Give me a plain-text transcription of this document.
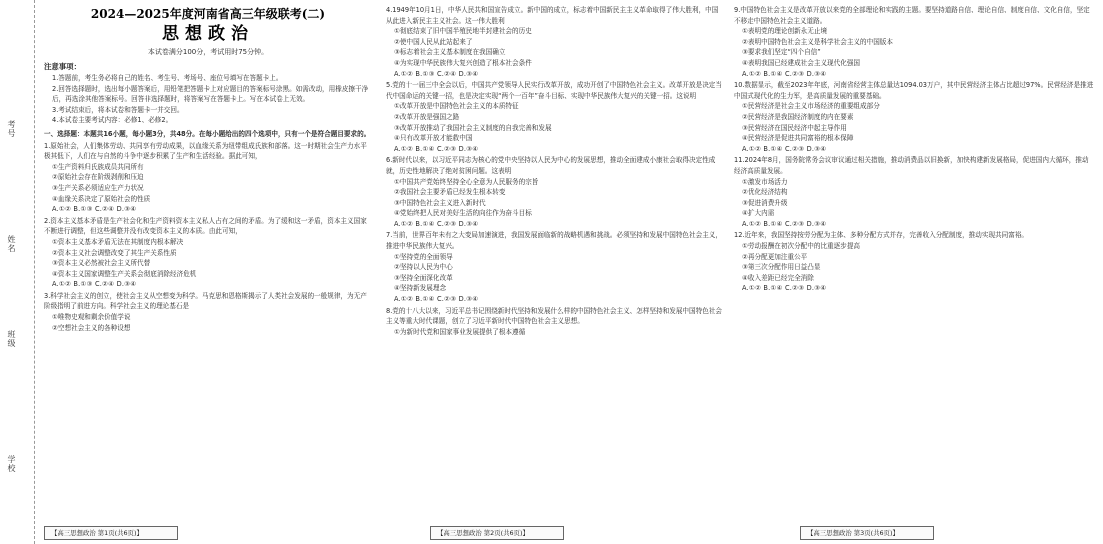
考号
姓名
班级
学校
2024—2025年度河南省高三年级联考(二)
思想政治
本试卷满分100分，考试用时75分钟。
注意事项：
1.答题前，考生务必将自己的姓名、考生号、考场号、座位号填写在答题卡上。
2.回答选择题时，选出每小题答案后，用铅笔把答题卡上对应题目的答案标号涂黑。如需改动，用橡皮擦干净后，再选涂其他答案标号。回答非选择题时，将答案写在答题卡上。写在本试卷上无效。
3.考试结束后，将本试卷和答题卡一并交回。
4.本试卷主要考试内容：必修1、必修2。
一、选择题：本题共16小题，每小题3分，共48分。在每小题给出的四个选项中，只有一个是符合题目要求的。
1.原始社会，人们集体劳动、共同享有劳动成果，以血缘关系为纽带组成氏族和部落。这一时期社会生产力水平极其低下，人们在与自然的斗争中逐步积累了生产和生活经验。据此可知，
①生产资料归氏族成员共同所有
②原始社会存在阶级剥削和压迫
③生产关系必须适应生产力状况
④血缘关系决定了原始社会的性质
A.①② B.①③ C.②④ D.③④
2.资本主义基本矛盾是生产社会化和生产资料资本主义私人占有之间的矛盾。为了缓和这一矛盾，资本主义国家不断进行调整，但这些调整并没有改变资本主义的本质。由此可知，
①资本主义基本矛盾无法在其制度内根本解决
②资本主义社会调整改变了其生产关系性质
③资本主义必然被社会主义所代替
④资本主义国家调整生产关系会彻底消除经济危机
A.①② B.①③ C.②④ D.③④
3.科学社会主义的创立，使社会主义从空想变为科学。马克思和恩格斯揭示了人类社会发展的一般规律，为无产阶级指明了前进方向。科学社会主义的理论基石是
①唯物史观和剩余价值学说
②空想社会主义的各种设想
4.1949年10月1日，中华人民共和国宣告成立。新中国的成立，标志着中国新民主主义革命取得了伟大胜利，中国从此进入新民主主义社会。这一伟大胜利
①彻底结束了旧中国半殖民地半封建社会的历史
②使中国人民从此站起来了
③标志着社会主义基本制度在我国确立
④为实现中华民族伟大复兴创造了根本社会条件
A.①② B.①③ C.②④ D.③④
5.党的十一届三中全会以后，中国共产党领导人民实行改革开放，成功开创了中国特色社会主义。改革开放是决定当代中国命运的关键一招，也是决定实现“两个一百年”奋斗目标、实现中华民族伟大复兴的关键一招。这说明
①改革开放是中国特色社会主义的本质特征
②改革开放是强国之路
③改革开放推动了我国社会主义制度的自我完善和发展
④只有改革开放才能救中国
A.①② B.①④ C.②③ D.③④
6.新时代以来，以习近平同志为核心的党中央坚持以人民为中心的发展思想，推动全面建成小康社会取得决定性成就，历史性地解决了绝对贫困问题。这表明
①中国共产党始终坚持全心全意为人民服务的宗旨
②我国社会主要矛盾已经发生根本转变
③中国特色社会主义进入新时代
④党始终把人民对美好生活的向往作为奋斗目标
A.①② B.①④ C.②③ D.③④
7.当前，世界百年未有之大变局加速演进，我国发展面临新的战略机遇和挑战。必须坚持和发展中国特色社会主义，推进中华民族伟大复兴。
①坚持党的全面领导
②坚持以人民为中心
③坚持全面深化改革
④坚持新发展理念
A.①② B.①④ C.②③ D.③④
8.党的十八大以来，习近平总书记围绕新时代坚持和发展什么样的中国特色社会主义、怎样坚持和发展中国特色社会主义等重大时代课题，创立了习近平新时代中国特色社会主义思想。
①为新时代党和国家事业发展提供了根本遵循
9.中国特色社会主义是改革开放以来党的全部理论和实践的主题。要坚持道路自信、理论自信、制度自信、文化自信，坚定不移走中国特色社会主义道路。
①表明党的理论创新永无止境
②表明中国特色社会主义是科学社会主义的中国版本
③要求我们坚定“四个自信”
④表明我国已经建成社会主义现代化强国
A.①② B.①④ C.②③ D.③④
10.数据显示，截至2023年年底，河南省经营主体总量达1094.03万户，其中民营经济主体占比超过97%。民营经济是推进中国式现代化的生力军，是高质量发展的重要基础。
①民营经济是社会主义市场经济的重要组成部分
②民营经济是我国经济制度的内在要素
③民营经济在国民经济中起主导作用
④民营经济是促进共同富裕的根本保障
A.①② B.①④ C.②③ D.③④
11.2024年8月，国务院常务会议审议通过相关措施，推动消费品以旧换新，加快构建新发展格局，促进国内大循环，推动经济高质量发展。
①激发市场活力
②优化经济结构
③促进消费升级
④扩大内需
A.①② B.①④ C.②③ D.③④
12.近年来，我国坚持按劳分配为主体、多种分配方式并存，完善收入分配制度，推动实现共同富裕。
①劳动报酬在初次分配中的比重逐步提高
②再分配更加注重公平
③第三次分配作用日益凸显
④收入差距已经完全消除
A.①② B.①④ C.②③ D.③④
【高三思想政治 第1页(共6页)】	【高三思想政治 第2页(共6页)】	【高三思想政治 第3页(共6页)】
